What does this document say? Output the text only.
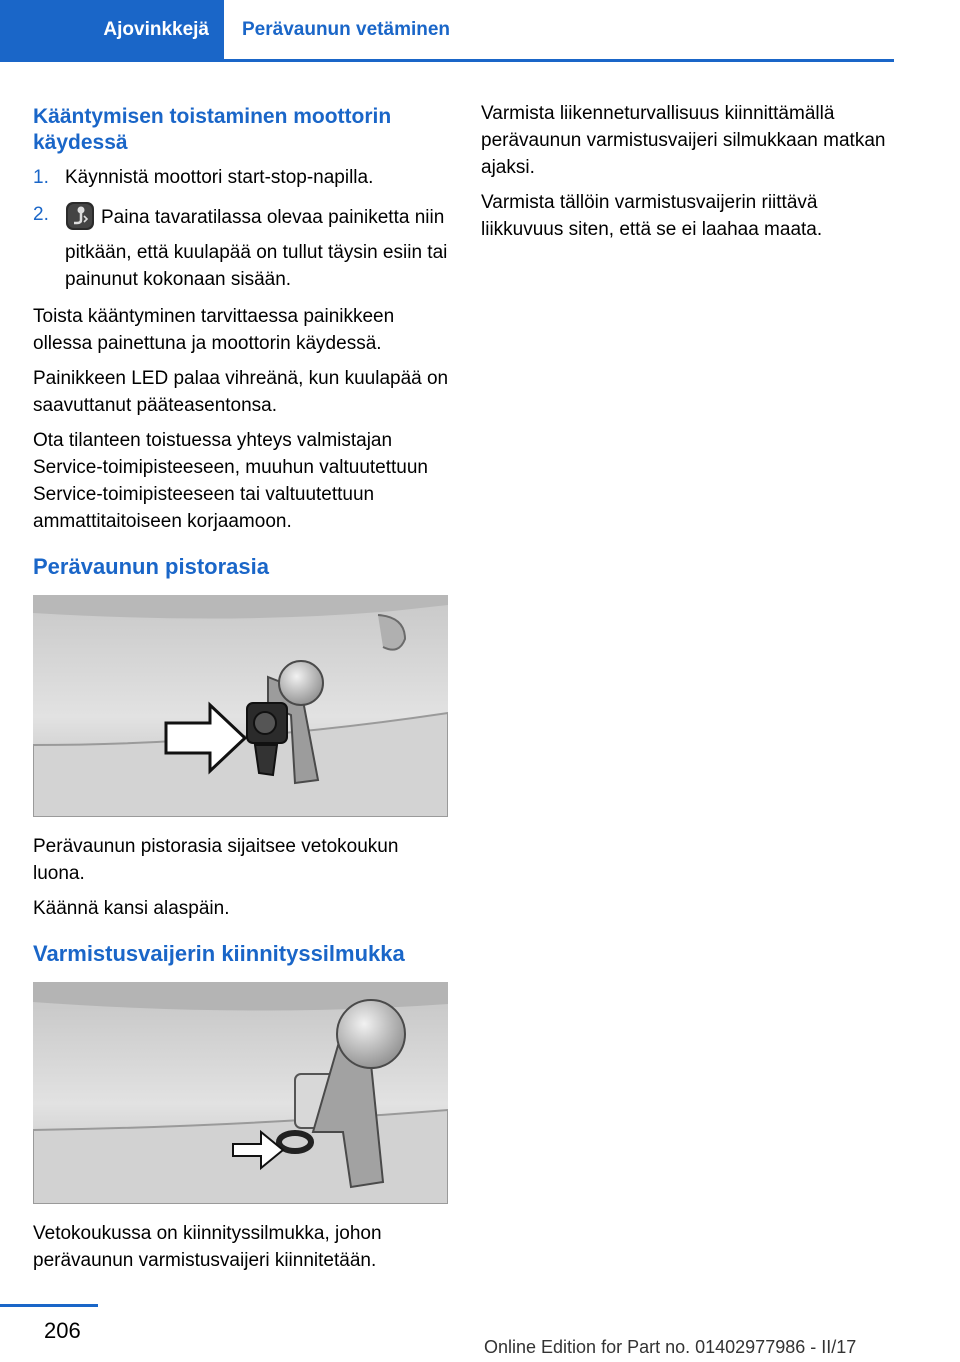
Ajovinkkejä Perävaunun vetäminen
Kääntymisen toistaminen moottorin käydessä
1. Käynnistä moottori start-stop-napilla.
2.	Paina tavaratilassa olevaa painiketta niin pitkään, että kuulapää on tullut täysin esiin tai painunut kokonaan sisään.

Toista kääntyminen tarvittaessa painikkeen ollessa painettuna ja moottorin käydessä.

Painikkeen LED palaa vihreänä, kun kuulapää on saavuttanut pääteasentonsa.

Ota tilanteen toistuessa yhteys valmistajan Service-toimipisteeseen, muuhun valtuutettuun Service-toimipisteeseen tai valtuutettuun ammattitaitoiseen korjaamoon.

Perävaunun pistorasia

Perävaunun pistorasia sijaitsee vetokoukun luona.

Käännä kansi alaspäin.

Varmistusvaijerin kiinnityssilmukka

Vetokoukussa on kiinnityssilmukka, johon perävaunun varmistusvaijeri kiinnitetään.

Varmista liikenneturvallisuus kiinnittämällä perävaunun varmistusvaijeri silmukkaan matkan ajaksi.

Varmista tällöin varmistusvaijerin riittävä liikkuvuus siten, että se ei laahaa maata.

206
Online Edition for Part no. 01402977986 - II/17
